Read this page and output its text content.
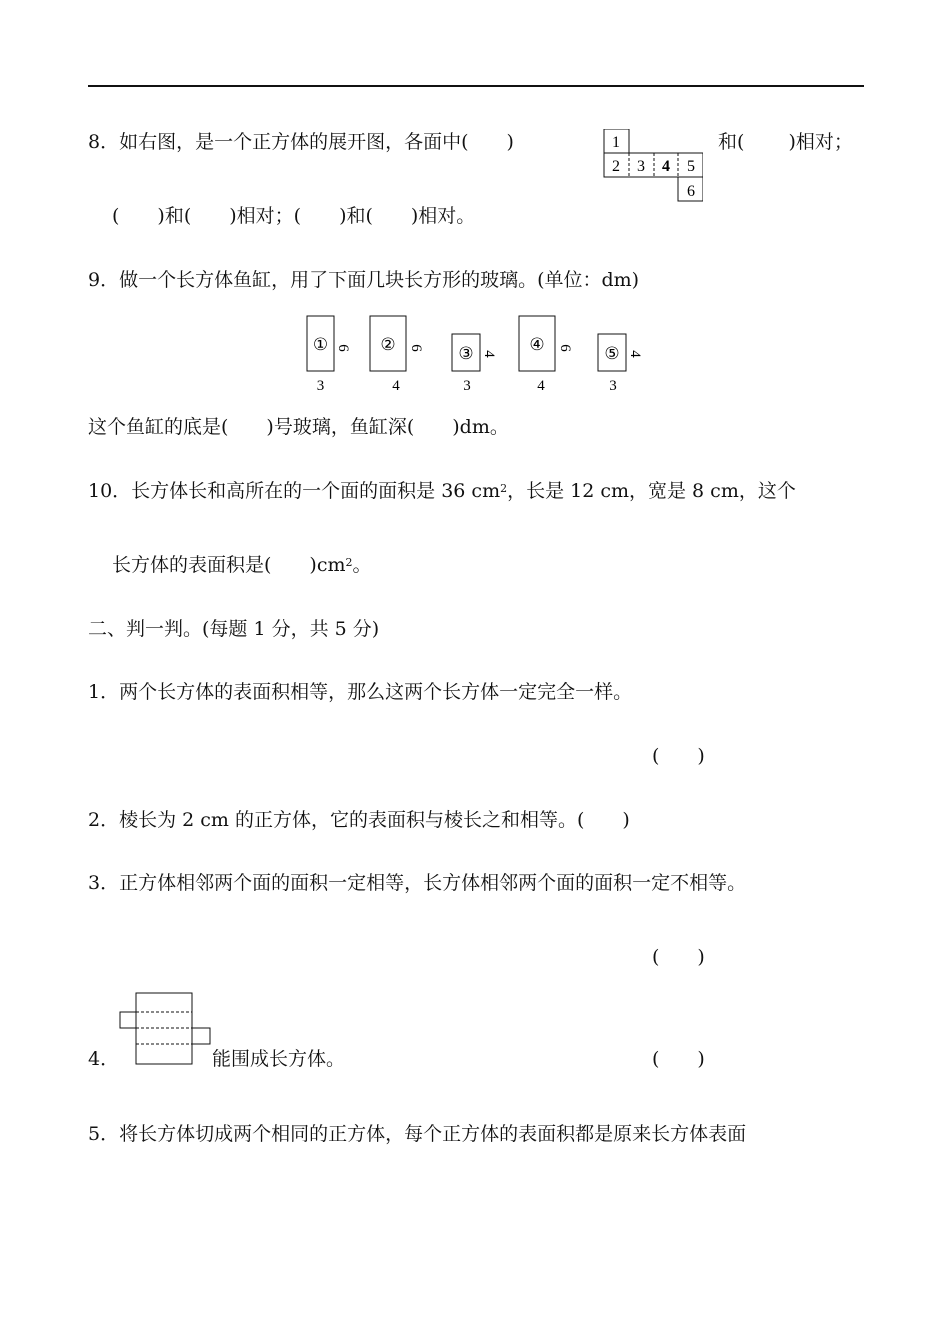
8．如右图，是一个正方体的展开图，各面中(　　)	1
2 3 4 5
6
和(　　 )相对；
(　　)和(　　)相对；(　　)和(　　)相对。
9．做一个长方体鱼缸，用了下面几块长方形的玻璃。(单位：dm)
① 6
3
② 6
4
③ 4
3
④ 6
4
⑤ 4
3
这个鱼缸的底是(　　)号玻璃，鱼缸深(　　)dm。
10．长方体长和高所在的一个面的面积是 36 $cm^2$，长是 12 cm，宽是 8 cm，这个
长方体的表面积是(　　)$cm^2$。
二、判一判。(每题 1 分，共 5 分)
1．两个长方体的表面积相等，那么这两个长方体一定完全一样。
(　　)
2．棱长为 2 cm 的正方体，它的表面积与棱长之和相等。(　　)
3．正方体相邻两个面的面积一定相等，长方体相邻两个面的面积一定不相等。
(　　)
4．	能围成长方体。	(　　)
5．将长方体切成两个相同的正方体，每个正方体的表面积都是原来长方体表面
